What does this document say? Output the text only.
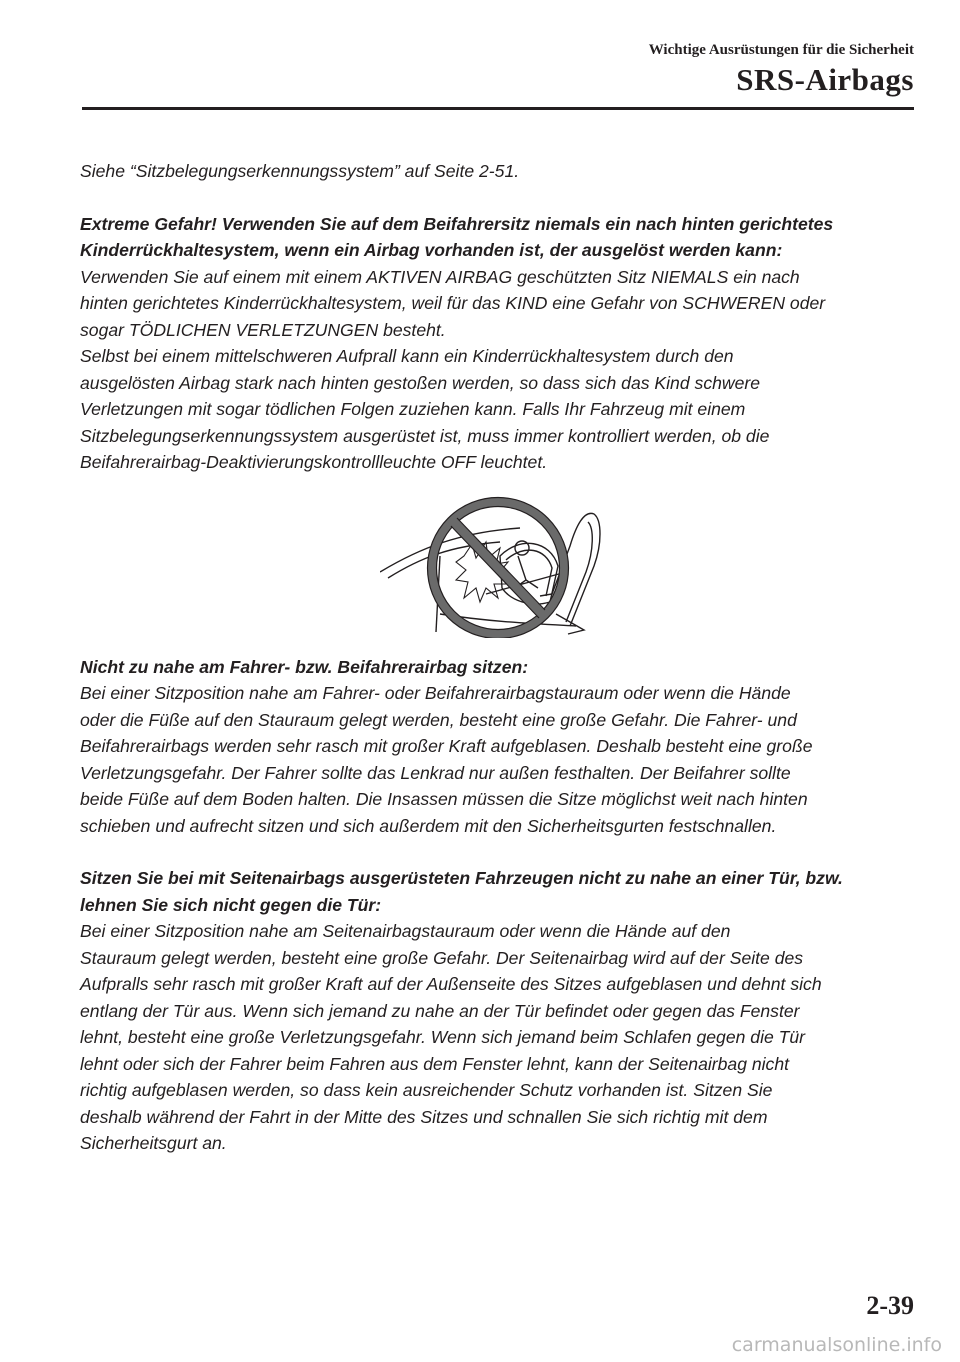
Wichtige Ausrüstungen für die Sicherheit
SRS-Airbags

Siehe “Sitzbelegungserkennungssystem” auf Seite 2-51.

Extreme Gefahr! Verwenden Sie auf dem Beifahrersitz niemals ein nach hinten gerichtetes

Kinderrückhaltesystem, wenn ein Airbag vorhanden ist, der ausgelöst werden kann:

Verwenden Sie auf einem mit einem AKTIVEN AIRBAG geschützten Sitz NIEMALS ein nach

hinten gerichtetes Kinderrückhaltesystem, weil für das KIND eine Gefahr von SCHWEREN oder

sogar TÖDLICHEN VERLETZUNGEN besteht.

Selbst bei einem mittelschweren Aufprall kann ein Kinderrückhaltesystem durch den

ausgelösten Airbag stark nach hinten gestoßen werden, so dass sich das Kind schwere

Verletzungen mit sogar tödlichen Folgen zuziehen kann. Falls Ihr Fahrzeug mit einem

Sitzbelegungserkennungssystem ausgerüstet ist, muss immer kontrolliert werden, ob die

Beifahrerairbag-Deaktivierungskontrollleuchte OFF leuchtet.

Nicht zu nahe am Fahrer- bzw. Beifahrerairbag sitzen:

Bei einer Sitzposition nahe am Fahrer- oder Beifahrerairbagstauraum oder wenn die Hände

oder die Füße auf den Stauraum gelegt werden, besteht eine große Gefahr. Die Fahrer- und

Beifahrerairbags werden sehr rasch mit großer Kraft aufgeblasen. Deshalb besteht eine große

Verletzungsgefahr. Der Fahrer sollte das Lenkrad nur außen festhalten. Der Beifahrer sollte

beide Füße auf dem Boden halten. Die Insassen müssen die Sitze möglichst weit nach hinten

schieben und aufrecht sitzen und sich außerdem mit den Sicherheitsgurten festschnallen.

Sitzen Sie bei mit Seitenairbags ausgerüsteten Fahrzeugen nicht zu nahe an einer Tür, bzw.

lehnen Sie sich nicht gegen die Tür:

Bei einer Sitzposition nahe am Seitenairbagstauraum oder wenn die Hände auf den

Stauraum gelegt werden, besteht eine große Gefahr. Der Seitenairbag wird auf der Seite des

Aufpralls sehr rasch mit großer Kraft auf der Außenseite des Sitzes aufgeblasen und dehnt sich

entlang der Tür aus. Wenn sich jemand zu nahe an der Tür befindet oder gegen das Fenster

lehnt, besteht eine große Verletzungsgefahr. Wenn sich jemand beim Schlafen gegen die Tür

lehnt oder sich der Fahrer beim Fahren aus dem Fenster lehnt, kann der Seitenairbag nicht

richtig aufgeblasen werden, so dass kein ausreichender Schutz vorhanden ist. Sitzen Sie

deshalb während der Fahrt in der Mitte des Sitzes und schnallen Sie sich richtig mit dem

Sicherheitsgurt an.

2-39
carmanualsonline.info
